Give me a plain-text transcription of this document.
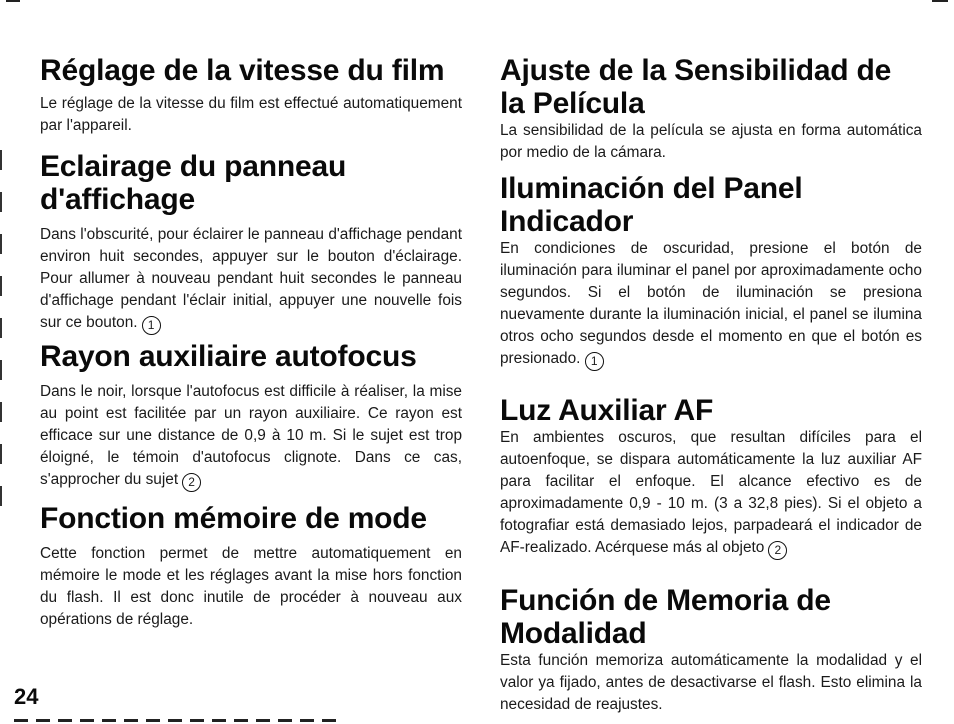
Réglage de la vitesse du film

Le réglage de la vitesse du film est effectué automatiquement par l'appareil.

Eclairage du panneau d'affichage

Dans l'obscurité, pour éclairer le panneau d'affichage pendant environ huit secondes, appuyer sur le bouton d'éclairage. Pour allumer à nouveau pendant huit secondes le panneau d'affichage pendant l'éclair initial, appuyer une nouvelle fois sur ce bouton. 1

Rayon auxiliaire autofocus

Dans le noir, lorsque l'autofocus est difficile à réaliser, la mise au point est facilitée par un rayon auxiliaire. Ce rayon est efficace sur une distance de 0,9 à 10 m. Si le sujet est trop éloigné, le témoin d'autofocus clignote. Dans ce cas, s'approcher du sujet 2

Fonction mémoire de mode

Cette fonction permet de mettre automatiquement en mémoire le mode et les réglages avant la mise hors fonction du flash. Il est donc inutile de procéder à nouveau aux opérations de réglage.

Ajuste de la Sensibilidad de la Película

La sensibilidad de la película se ajusta en forma automática por medio de la cámara.

Iluminación del Panel Indicador

En condiciones de oscuridad, presione el botón de iluminación para iluminar el panel por aproximadamente ocho segundos. Si el botón de iluminación se presiona nuevamente durante la iluminación inicial, el panel se ilumina otros ocho segundos desde el momento en que el botón es presionado. 1

Luz Auxiliar AF

En ambientes oscuros, que resultan difíciles para el autoenfoque, se dispara automáticamente la luz auxiliar AF para facilitar el enfoque. El alcance efectivo es de aproximadamente 0,9 - 10 m. (3 a 32,8 pies). Si el objeto a fotografiar está demasiado lejos, parpadeará el indicador de AF-realizado. Acérquese más al objeto 2

Función de Memoria de Modalidad

Esta función memoriza automáticamente la modalidad y el valor ya fijado, antes de desactivarse el flash. Esto elimina la necesidad de reajustes.

24
